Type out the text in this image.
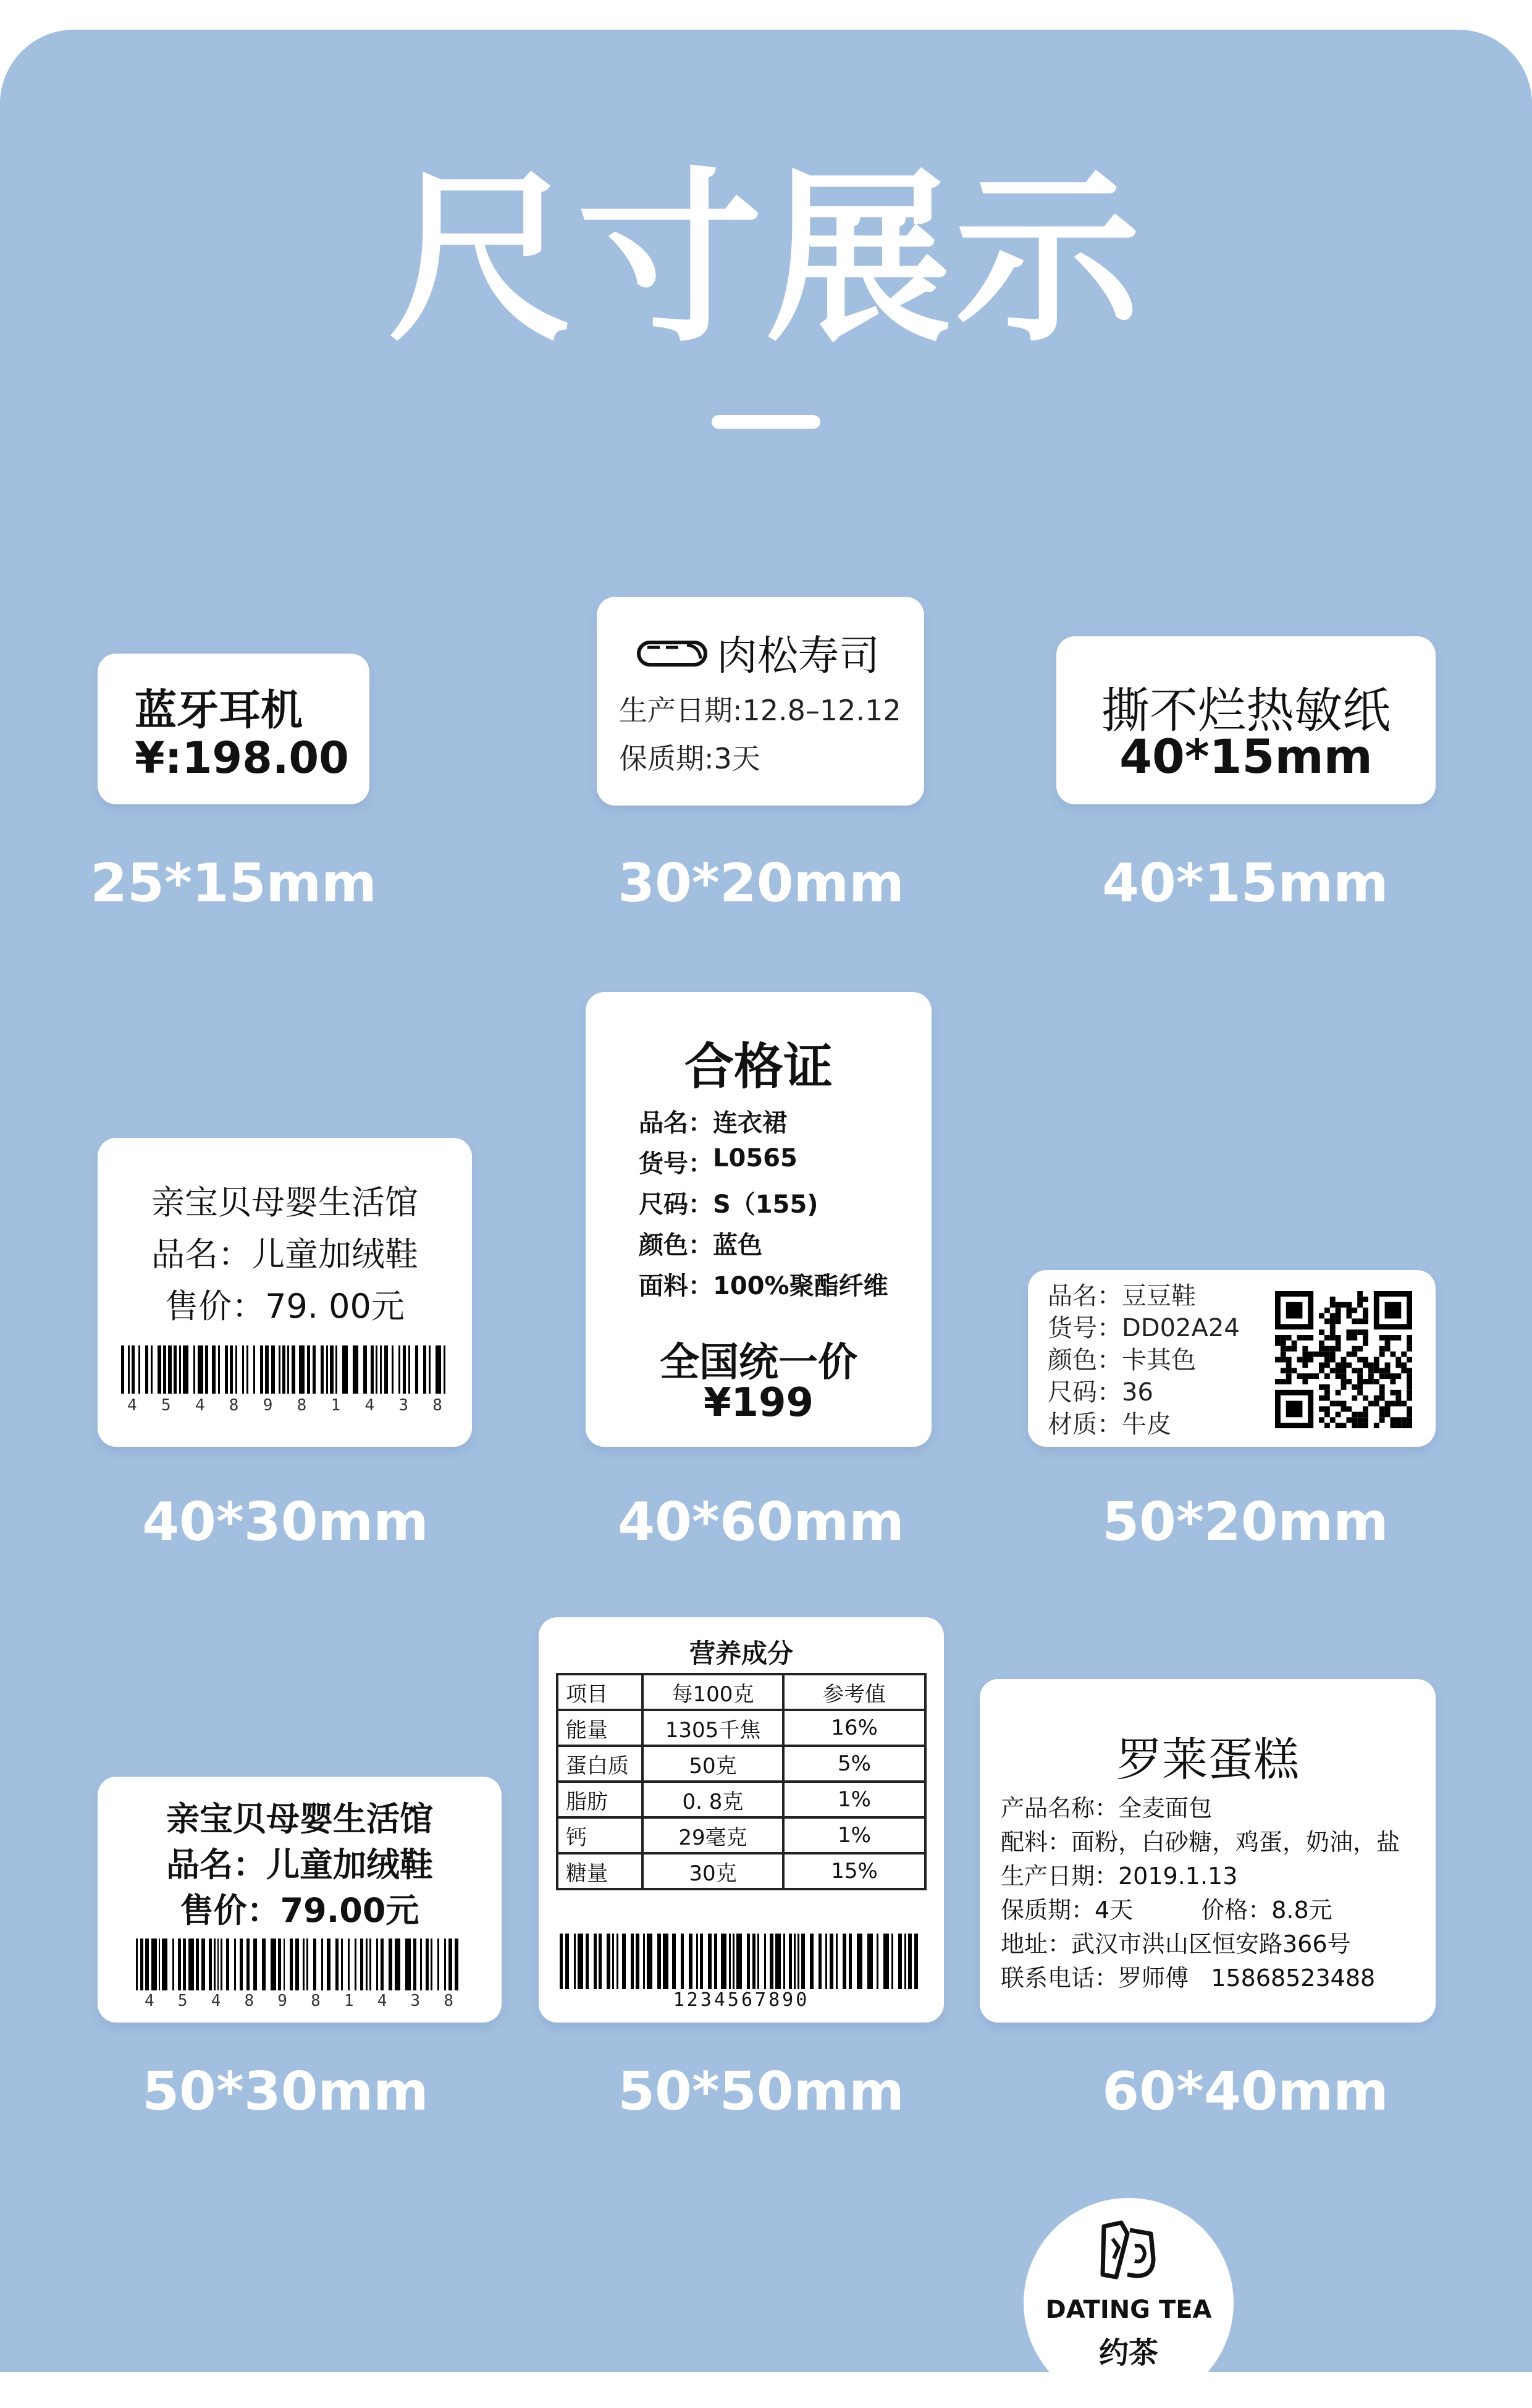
尺寸展示
蓝牙耳机
¥:198.00
25*15mm
肉松寿司
生产日期:12.8–12.12
保质期:3天
30*20mm
撕不烂热敏纸
40*15mm
40*15mm
亲宝贝母婴生活馆
品名：儿童加绒鞋
售价：79. 00元
4 5 4 8 9 8 1 4 3 8
40*30mm
合格证
品名： 连衣裙
货号： L0565
尺码： S（155)
颜色： 蓝色
面料： 100%聚酯纤维
全国统一价
¥199
40*60mm
品名：豆豆鞋
货号：DD02A24
颜色：卡其色
尺码：36
材质：牛皮
50*20mm
亲宝贝母婴生活馆
品名：儿童加绒鞋
售价：79.00元
4 5 4 8 9 8 1 4 3 8
50*30mm
营养成分
项目	每100克	参考值
能量	1305千焦	16%
蛋白质	50克	5%
脂肪	0. 8克	1%
钙	29毫克	1%
糖量	30克	15%
1234567890
50*50mm
罗莱蛋糕
产品名称：全麦面包
配料：面粉，白砂糖，鸡蛋，奶油，盐
生产日期：2019.1.13
保质期：4天	价格：8.8元
地址：武汉市洪山区恒安路366号
联系电话：罗师傅   15868523488
60*40mm
DATING TEA
约茶
